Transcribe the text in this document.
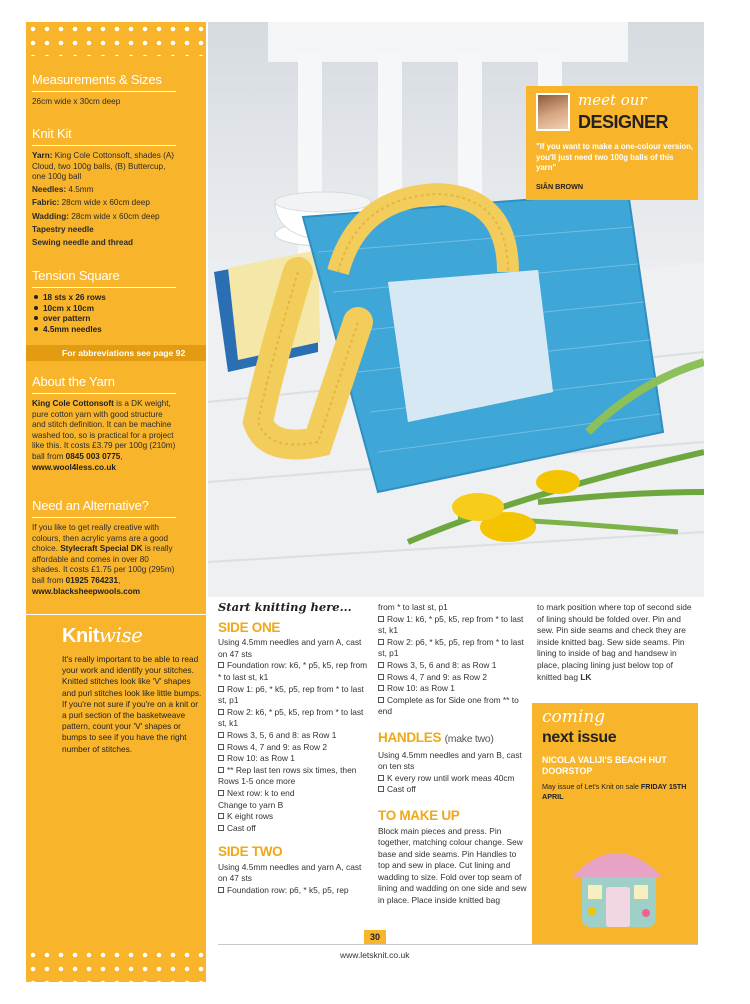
Measurements & Sizes
26cm wide x 30cm deep
Knit Kit
Yarn: King Cole Cottonsoft, shades (A) Cloud, two 100g balls, (B) Buttercup, one 100g ball
Needles: 4.5mm
Fabric: 28cm wide x 60cm deep
Wadding: 28cm wide x 60cm deep
Tapestry needle
Sewing needle and thread
Tension Square
18 sts x 26 rows
10cm x 10cm
over pattern
4.5mm needles
For abbreviations see page 92
About the Yarn
King Cole Cottonsoft is a DK weight, pure cotton yarn with good structure and stitch definition. It can be machine washed too, so is practical for a project like this. It costs £3.79 per 100g (210m) ball from 0845 003 0775, www.wool4less.co.uk
Need an Alternative?
If you like to get really creative with colours, then acrylic yarns are a good choice. Stylecraft Special DK is really affordable and comes in over 80 shades. It costs £1.75 per 100g (295m) ball from 01925 764231, www.blacksheepwools.com
Knitwise
It's really important to be able to read your work and identify your stitches. Knitted stitches look like 'V' shapes and purl stitches look like little bumps. If you're not sure if you're on a knit or a purl section of the basketweave pattern, count your 'V' shapes or bumps to see if you have the right number of stitches.
meet our
DESIGNER
"If you want to make a one-colour version, you'll just need two 100g balls of this yarn"
SIÂN BROWN
Start knitting here...
SIDE ONE

Using 4.5mm needles and yarn A, cast on 47 sts

Foundation row: k6, * p5, k5, rep from * to last st, k1

Row 1: p6, * k5, p5, rep from * to last st, p1

Row 2: k6, * p5, k5, rep from * to last st, k1

Rows 3, 5, 6 and 8: as Row 1

Rows 4, 7 and 9: as Row 2

Row 10: as Row 1

** Rep last ten rows six times, then Rows 1-5 once more

Next row: k to end

Change to yarn B

K eight rows

Cast off

SIDE TWO

Using 4.5mm needles and yarn A, cast on 47 sts

Foundation row: p6, * k5, p5, rep

from * to last st, p1

Row 1: k6, * p5, k5, rep from * to last st, k1

Row 2: p6, * k5, p5, rep from * to last st, p1

Rows 3, 5, 6 and 8: as Row 1

Rows 4, 7 and 9: as Row 2

Row 10: as Row 1

Complete as for Side one from ** to end

HANDLES (make two)

Using 4.5mm needles and yarn B, cast on ten sts

K every row until work meas 40cm

Cast off

TO MAKE UP

Block main pieces and press. Pin together, matching colour change. Sew base and side seams. Pin Handles to top and sew in place. Cut lining and wadding to size. Fold over top seam of lining and wadding on one side and sew in place. Place inside knitted bag

to mark position where top of second side of lining should be folded over. Pin and sew. Pin side seams and check they are inside knitted bag. Sew side seams. Pin lining to inside of bag and handsew in place, placing lining just below top of knitted bag LK

coming
next issue
NICOLA VALIJI'S BEACH HUT DOORSTOP
May issue of Let's Knit on sale FRIDAY 15TH APRIL
30
www.letsknit.co.uk
